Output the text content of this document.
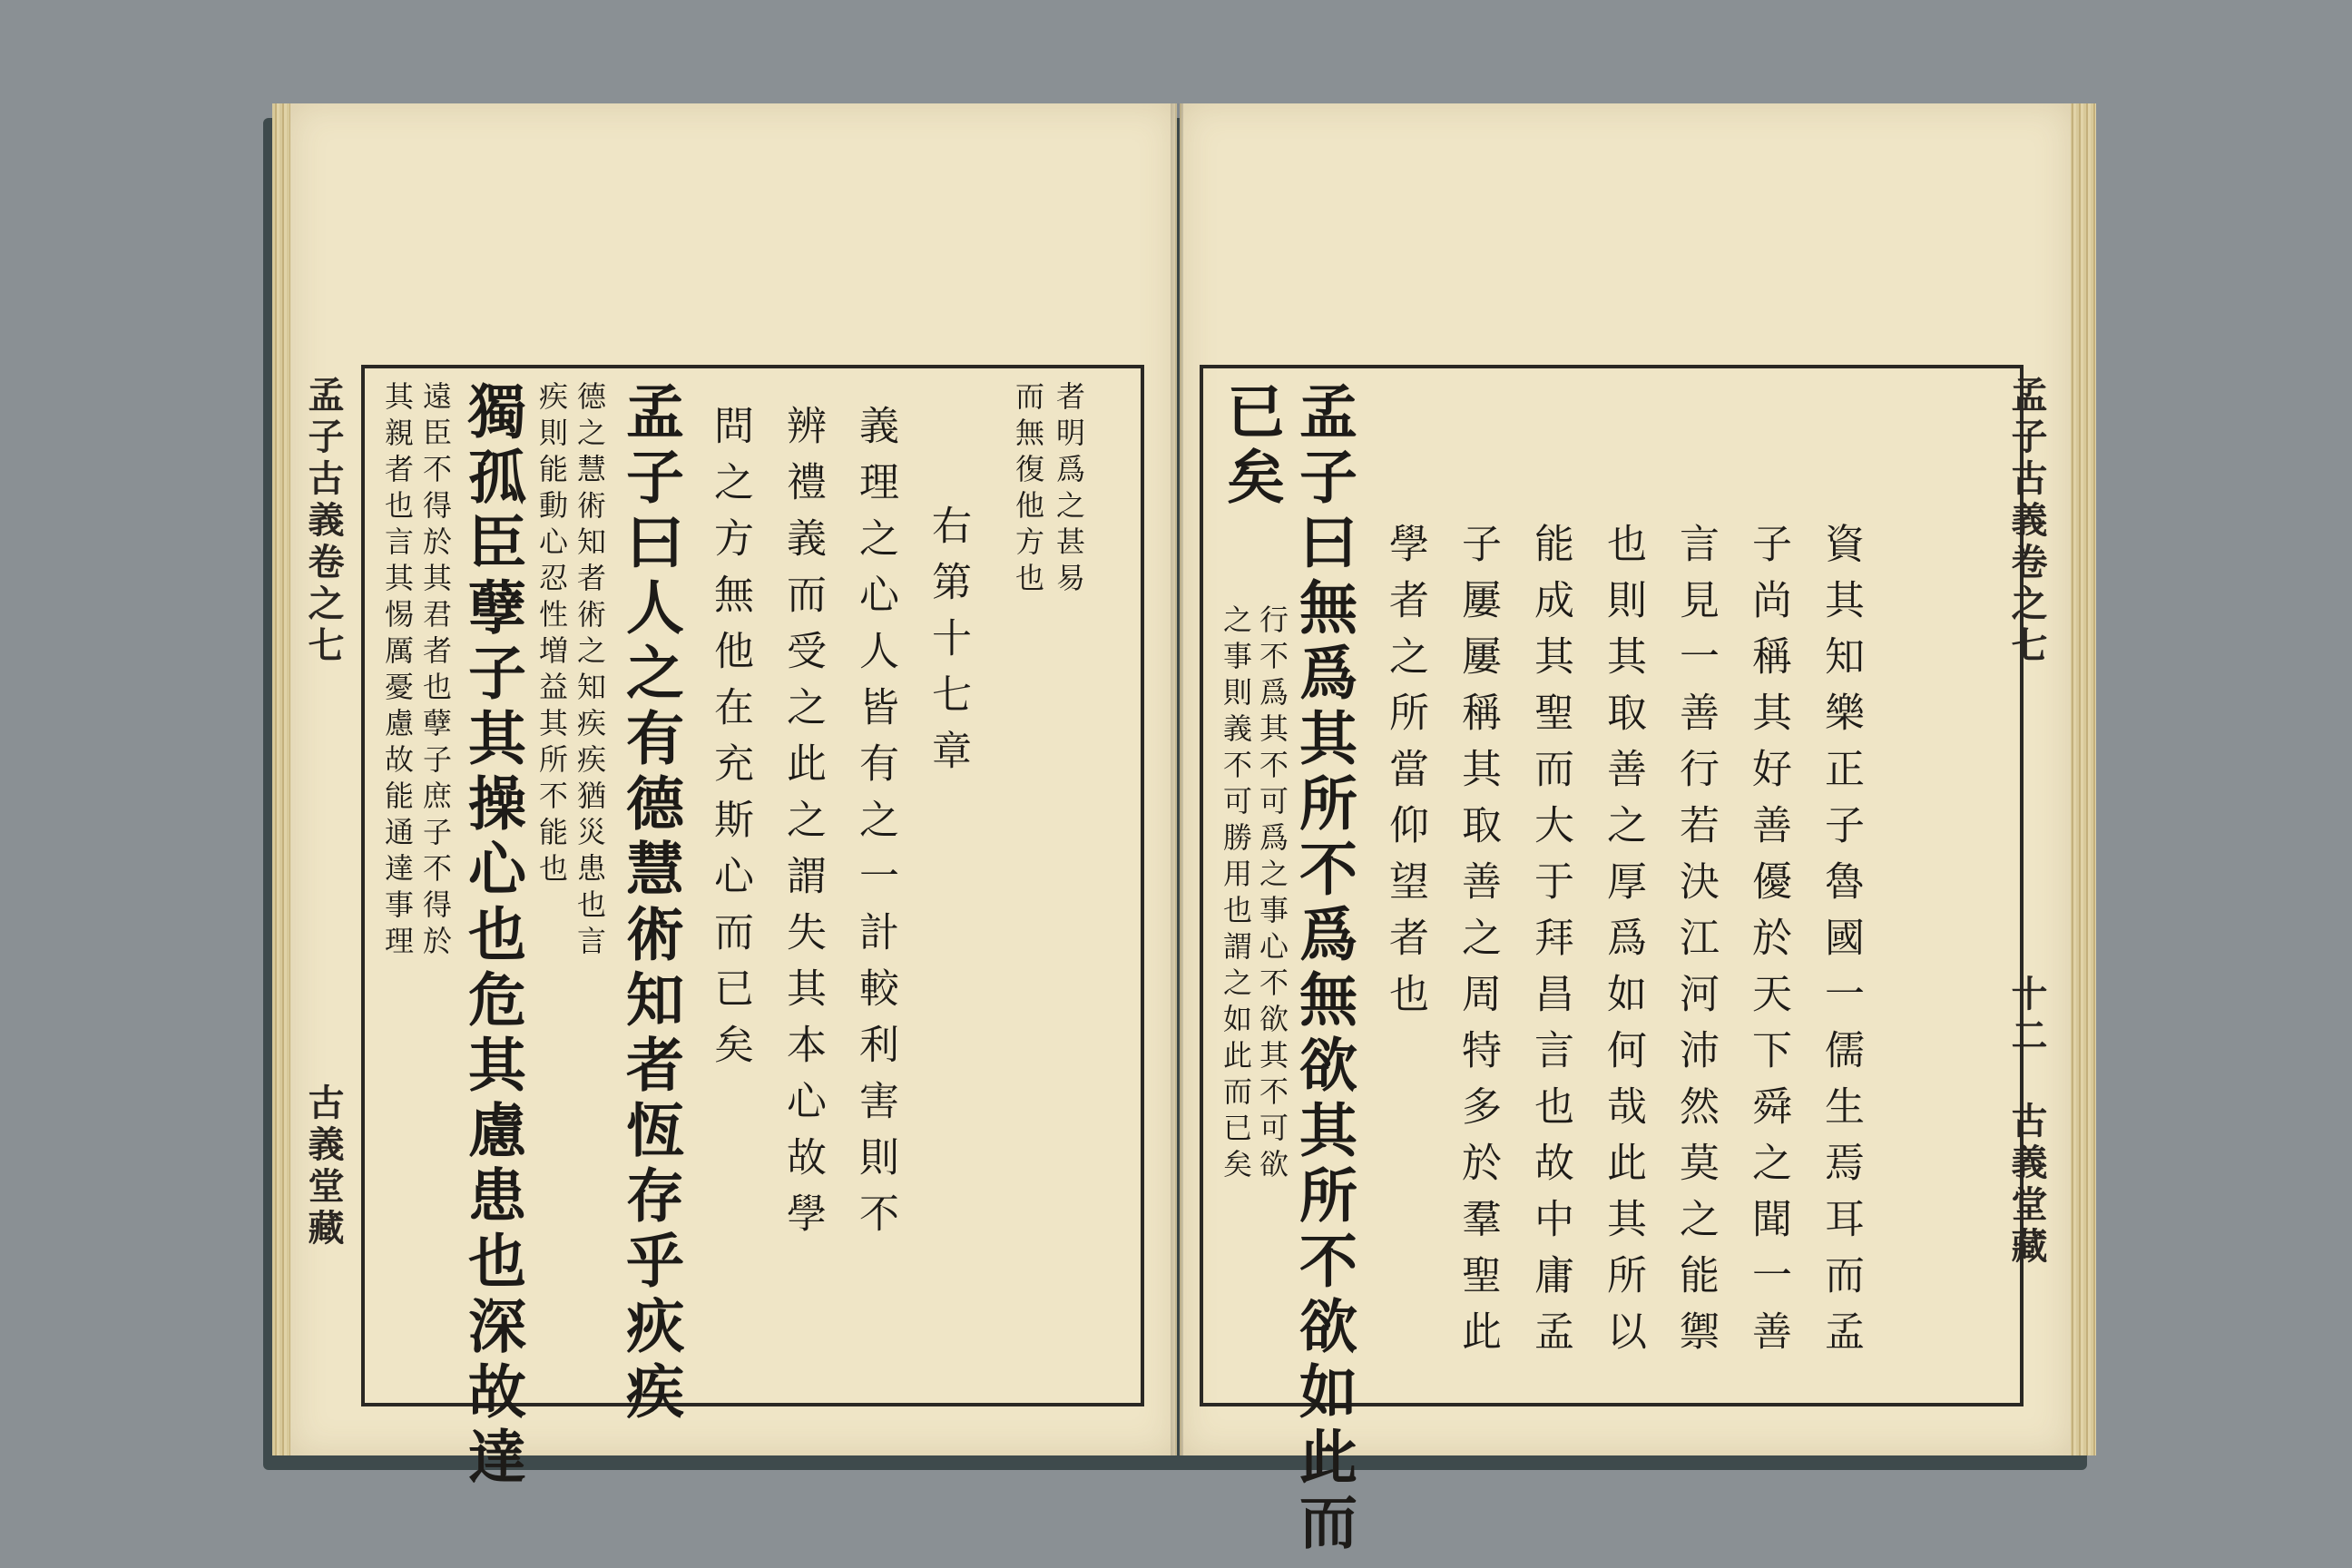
其親者也言其惕厲憂慮故能通達事理 遠臣不得於其君者也孽子庶子不得於 獨孤臣孽子其操心也危其慮患也深故達 疾則能動心忍性増益其所不能也 德之慧術知者術之知疾疾猶災患也言 孟子曰人之有德慧術知者恆存乎疢疾 問之方無他在充斯心而已矣 辨禮義而受之此之謂失其本心故學 義理之心人皆有之一計較利害則不 右第十七章
而無復他方也 者明爲之甚易
孟子古義卷之七
古義堂藏	行不爲其不可爲之事心不欲其不可欲
之事則義不可勝用也謂之如此而已矣 孟子曰無爲其所不爲無欲其所不欲如此而
已矣
學者之所當仰望者也 子屢屢稱其取善之周特多於羣聖此 能成其聖而大于拜昌言也故中庸孟 也則其取善之厚爲如何哉此其所以 言見一善行若決江河沛然莫之能禦 子尚稱其好善優於天下舜之聞一善 資其知樂正子魯國一儒生焉耳而孟
孟子古義卷之七
十二
古義堂藏
